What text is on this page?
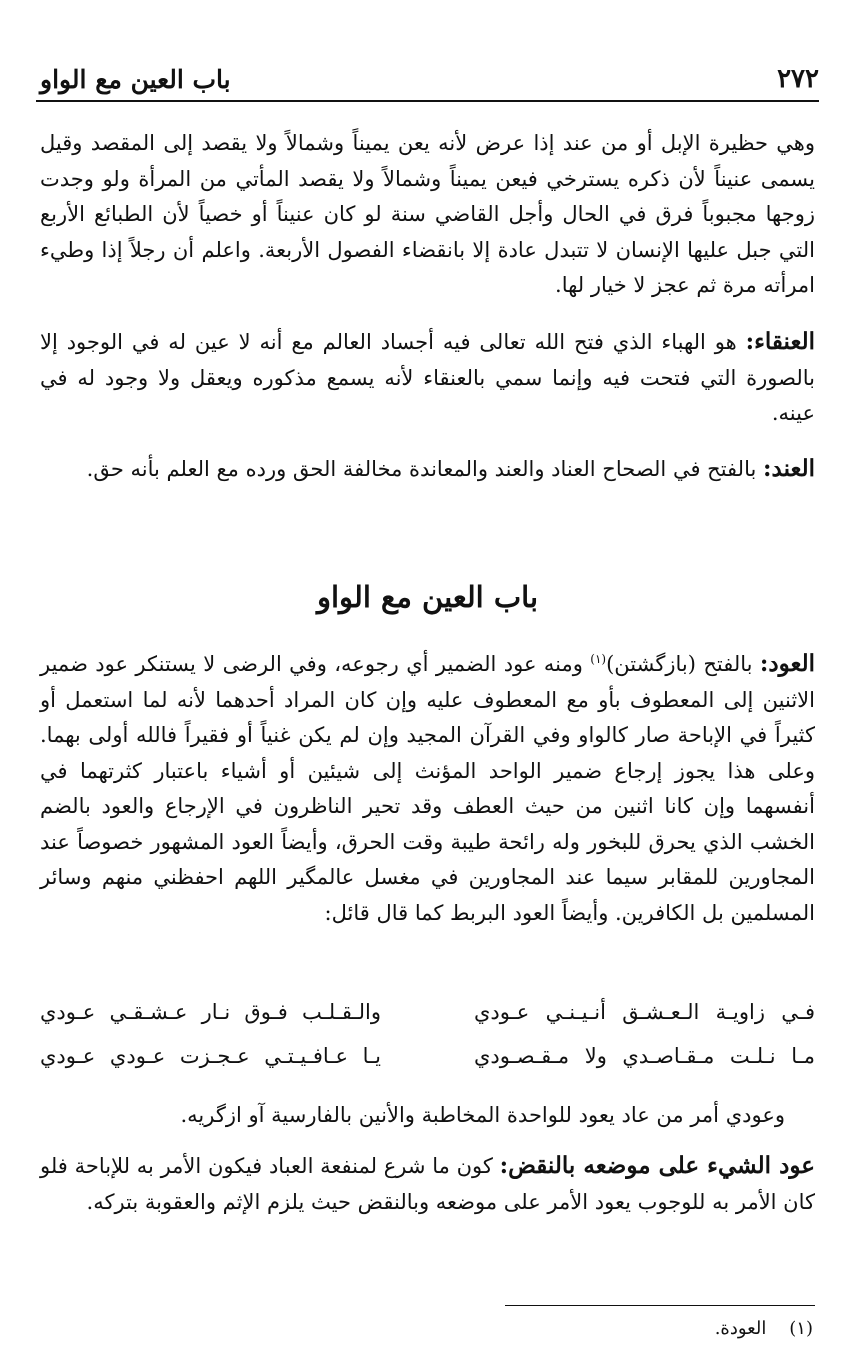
باب العين مع الواو	٢٧٢
وهي حظيرة الإبل أو من عند إذا عرض لأنه يعن يميناً وشمالاً ولا يقصد إلى المقصد وقيل يسمى عنيناً لأن ذكره يسترخي فيعن يميناً وشمالاً ولا يقصد المأتي من المرأة ولو وجدت زوجها مجبوباً فرق في الحال وأجل القاضي سنة لو كان عنيناً أو خصياً لأن الطبائع الأربع التي جبل عليها الإنسان لا تتبدل عادة إلا بانقضاء الفصول الأربعة. واعلم أن رجلاً إذا وطيء امرأته مرة ثم عجز لا خيار لها.
العنقاء: هو الهباء الذي فتح الله تعالى فيه أجساد العالم مع أنه لا عين له في الوجود إلا بالصورة التي فتحت فيه وإنما سمي بالعنقاء لأنه يسمع مذكوره ويعقل ولا وجود له في عينه.
العند: بالفتح في الصحاح العناد والعند والمعاندة مخالفة الحق ورده مع العلم بأنه حق.
باب العين مع الواو
العود: بالفتح (بازگشتن)$^{(١)}$ ومنه عود الضمير أي رجوعه، وفي الرضى لا يستنكر عود ضمير الاثنين إلى المعطوف بأو مع المعطوف عليه وإن كان المراد أحدهما لأنه لما استعمل أو كثيراً في الإباحة صار كالواو وفي القرآن المجيد وإن لم يكن غنياً أو فقيراً فالله أولى بهما. وعلى هذا يجوز إرجاع ضمير الواحد المؤنث إلى شيئين أو أشياء باعتبار كثرتهما في أنفسهما وإن كانا اثنين من حيث العطف وقد تحير الناظرون في الإرجاع والعود بالضم الخشب الذي يحرق للبخور وله رائحة طيبة وقت الحرق، وأيضاً العود المشهور خصوصاً عند المجاورين للمقابر سيما عند المجاورين في مغسل عالمگير اللهم احفظني منهم وسائر المسلمين بل الكافرين. وأيضاً العود البربط كما قال قائل:
فـي زاويـة الـعـشـق أنـيـنـي عـودي
والـقـلـب فـوق نـار عـشـقـي عـودي
مـا نـلـت مـقـاصـدي ولا مـقـصـودي
يـا عـافـيـتـي عـجـزت عـودي عـودي
وعودي أمر من عاد يعود للواحدة المخاطبة والأنين بالفارسية آو ازگريه.
عود الشيء على موضعه بالنقض: كون ما شرع لمنفعة العباد فيكون الأمر به للإباحة فلو كان الأمر به للوجوب يعود الأمر على موضعه وبالنقض حيث يلزم الإثم والعقوبة بتركه.
(١)    العودة.
